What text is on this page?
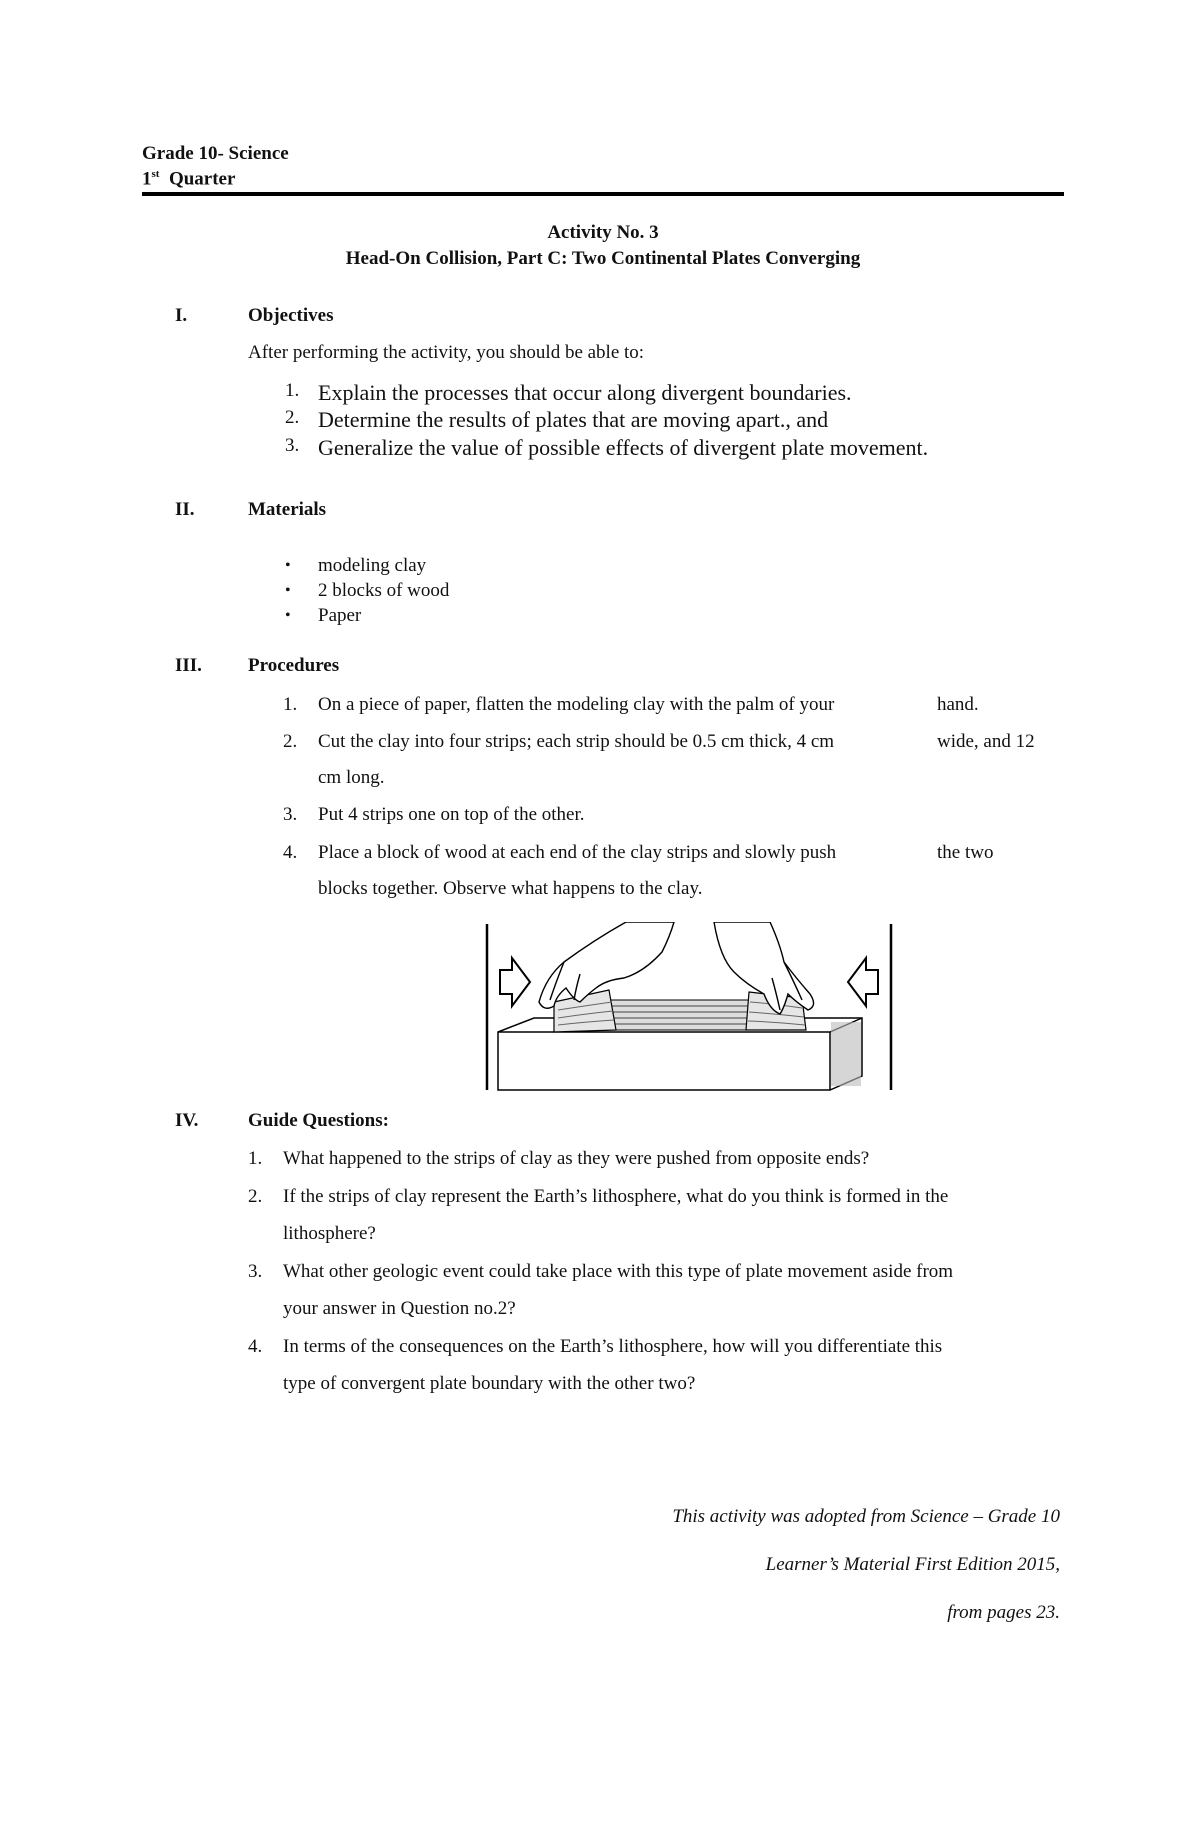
Grade 10- Science
1st Quarter
Activity No. 3
Head-On Collision, Part C: Two Continental Plates Converging
I.	Objectives
After performing the activity, you should be able to:
1. Explain the processes that occur along divergent boundaries.
2. Determine the results of plates that are moving apart., and
3. Generalize the value of possible effects of divergent plate movement.
II.	Materials
• modeling clay
• 2 blocks of wood
• Paper
III. Procedures
1. On a piece of paper, flatten the modeling clay with the palm of your	hand.
2. Cut the clay into four strips; each strip should be 0.5 cm thick, 4 cm	wide, and 12
cm long.
3. Put 4 strips one on top of the other.
4. Place a block of wood at each end of the clay strips and slowly push	the two
blocks together. Observe what happens to the clay.
IV.	Guide Questions:
1. What happened to the strips of clay as they were pushed from opposite ends?
2. If the strips of clay represent the Earth’s lithosphere, what do you think is formed in the
lithosphere?
3. What other geologic event could take place with this type of plate movement aside from
your answer in Question no.2?
4. In terms of the consequences on the Earth’s lithosphere, how will you differentiate this
type of convergent plate boundary with the other two?
This activity was adopted from Science – Grade 10
Learner’s Material First Edition 2015,
from pages 23.
